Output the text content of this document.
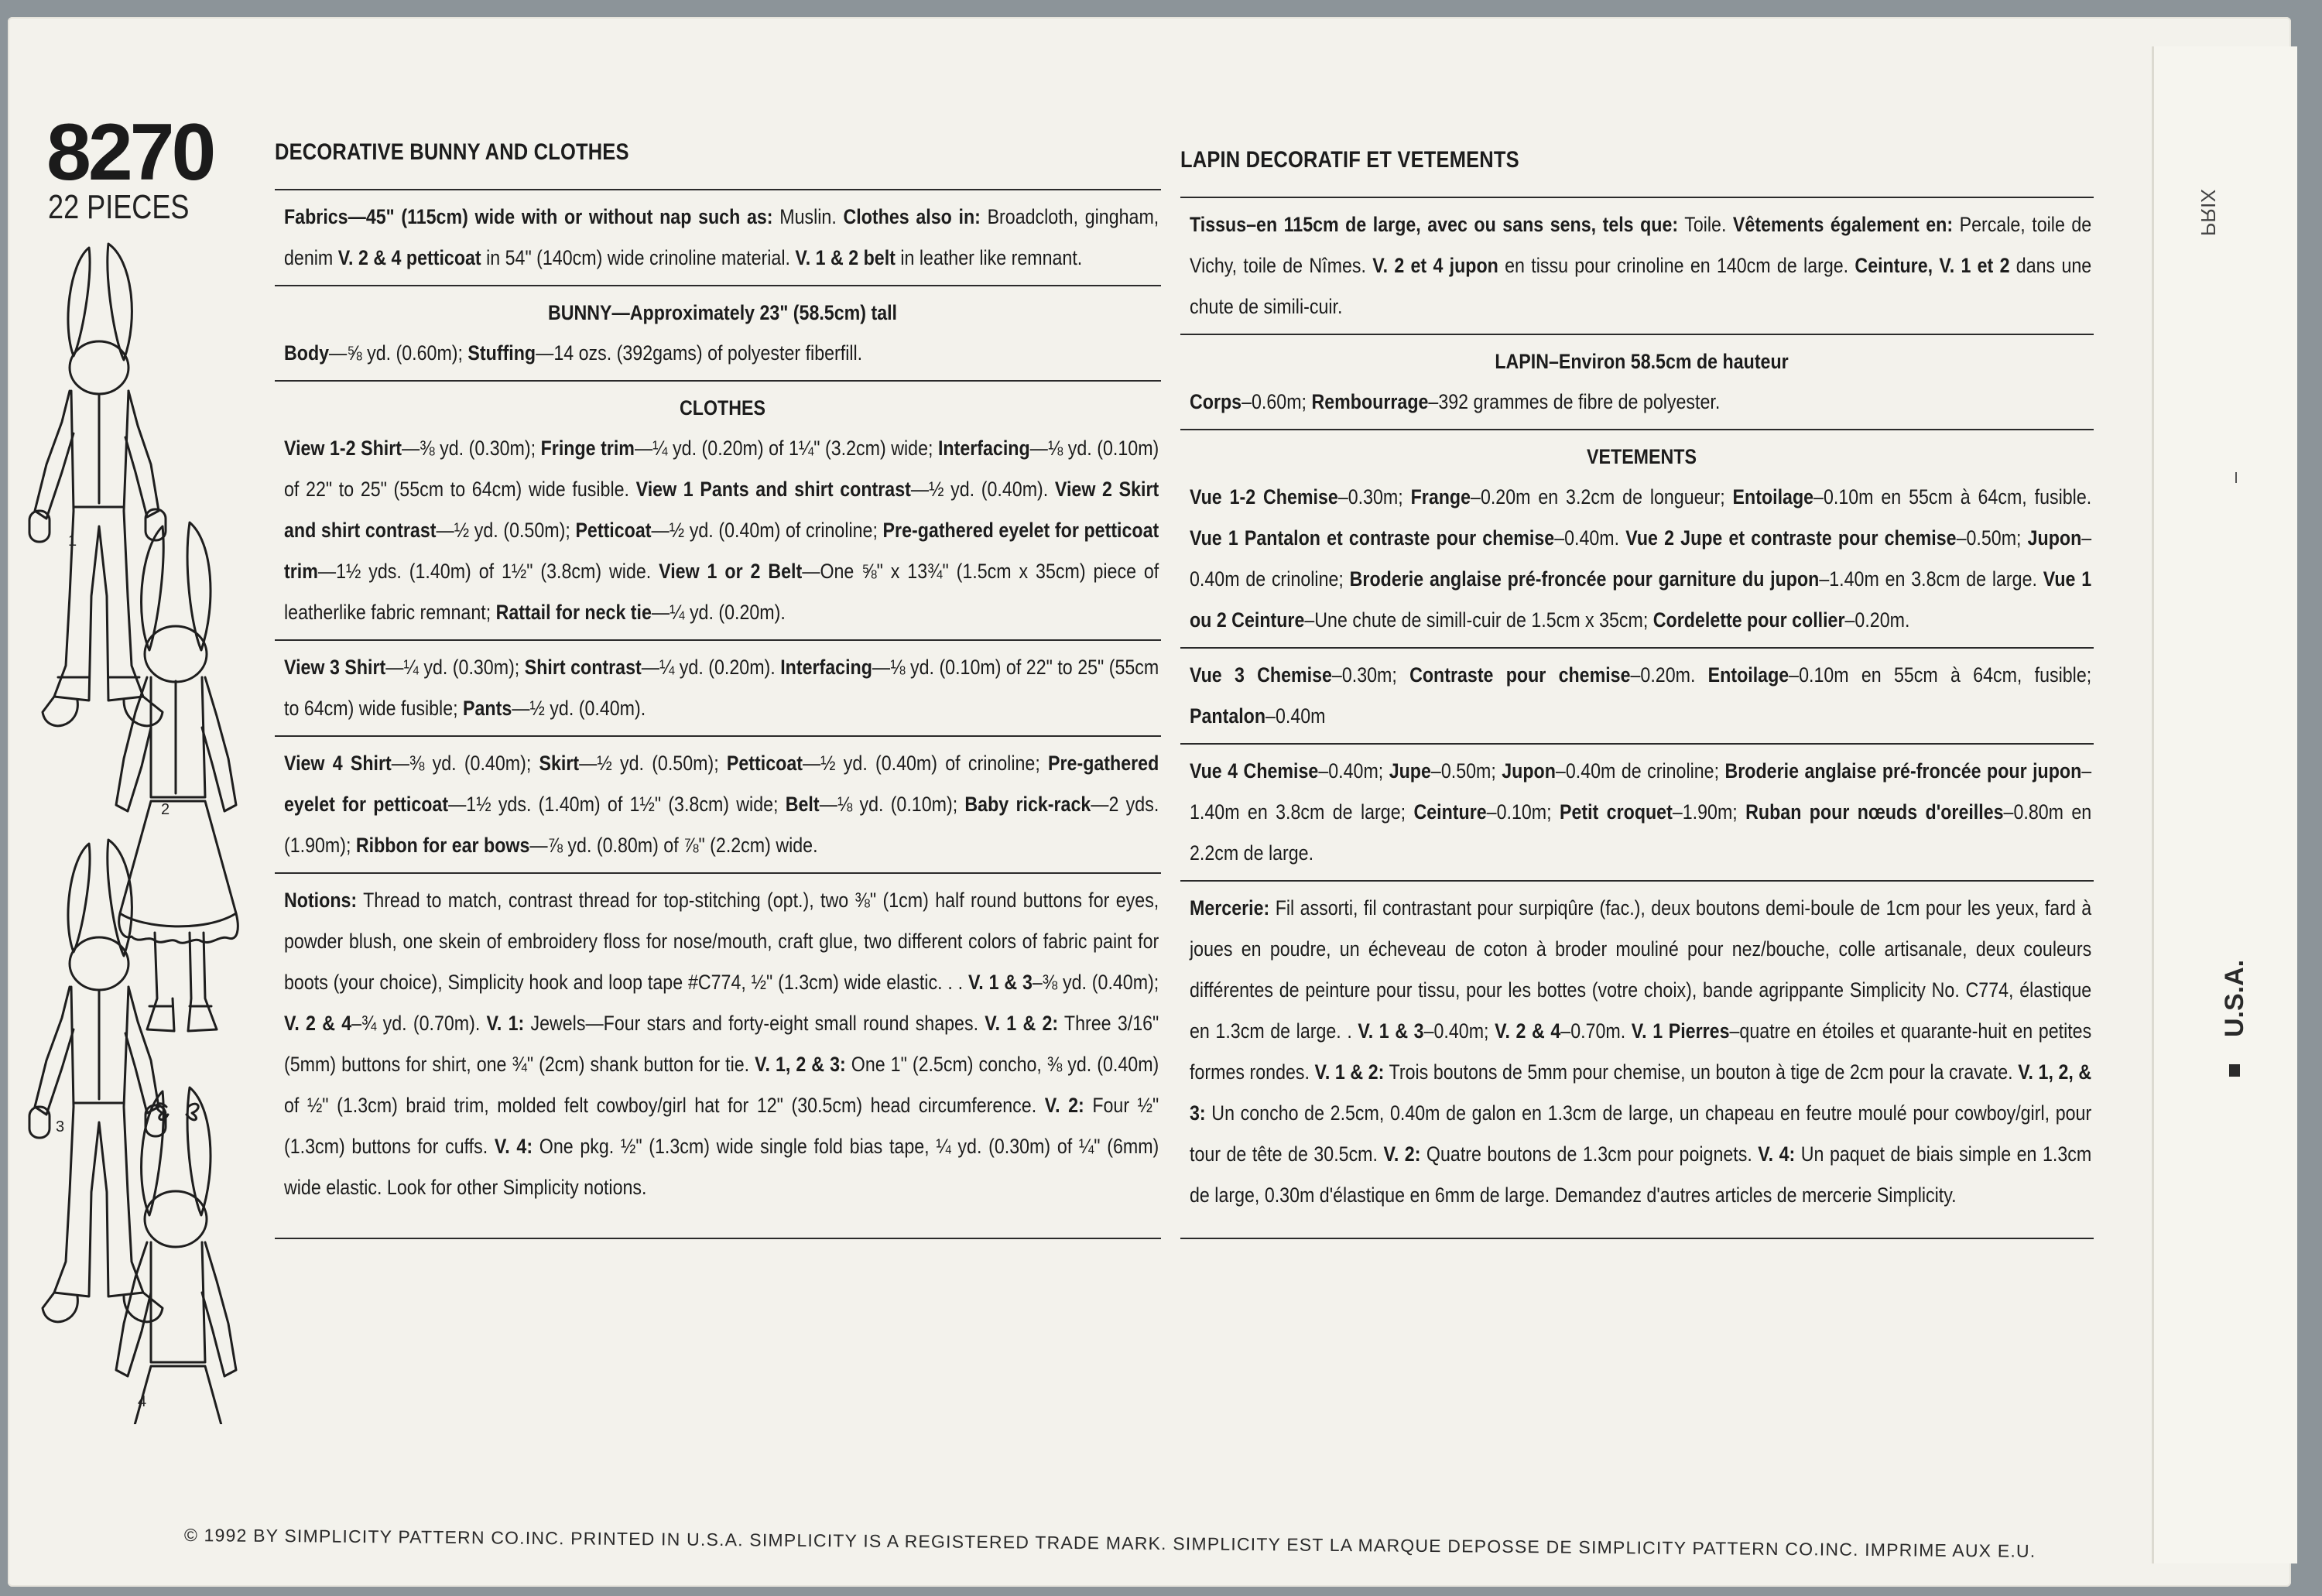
8270
22 PIECES
1
2
3
4
DECORATIVE BUNNY AND CLOTHES

Fabrics—45" (115cm) wide with or without nap such as: Muslin. Clothes also in: Broadcloth, gingham, denim V. 2 & 4 petticoat in 54" (140cm) wide crinoline material. V. 1 & 2 belt in leather like remnant.

BUNNY—Approximately 23" (58.5cm) tall

Body—⅝ yd. (0.60m); Stuffing—14 ozs. (392gams) of polyester fiberfill.

CLOTHES

View 1-2 Shirt—⅜ yd. (0.30m); Fringe trim—¼ yd. (0.20m) of 1¼" (3.2cm) wide; Interfacing—⅛ yd. (0.10m) of 22" to 25" (55cm to 64cm) wide fusible. View 1 Pants and shirt contrast—½ yd. (0.40m). View 2 Skirt and shirt contrast—½ yd. (0.50m); Petticoat—½ yd. (0.40m) of crinoline; Pre-gathered eyelet for petticoat trim—1½ yds. (1.40m) of 1½" (3.8cm) wide. View 1 or 2 Belt—One ⅝" x 13¾" (1.5cm x 35cm) piece of leatherlike fabric remnant; Rattail for neck tie—¼ yd. (0.20m).

View 3 Shirt—¼ yd. (0.30m); Shirt contrast—¼ yd. (0.20m). Interfacing—⅛ yd. (0.10m) of 22" to 25" (55cm to 64cm) wide fusible; Pants—½ yd. (0.40m).

View 4 Shirt—⅜ yd. (0.40m); Skirt—½ yd. (0.50m); Petticoat—½ yd. (0.40m) of crinoline; Pre-gathered eyelet for petticoat—1½ yds. (1.40m) of 1½" (3.8cm) wide; Belt—⅛ yd. (0.10m); Baby rick-rack—2 yds. (1.90m); Ribbon for ear bows—⅞ yd. (0.80m) of ⅞" (2.2cm) wide.

Notions: Thread to match, contrast thread for top-stitching (opt.), two ⅜" (1cm) half round buttons for eyes, powder blush, one skein of embroidery floss for nose/mouth, craft glue, two different colors of fabric paint for boots (your choice), Simplicity hook and loop tape #C774, ½" (1.3cm) wide elastic. . . V. 1 & 3–⅜ yd. (0.40m); V. 2 & 4–¾ yd. (0.70m). V. 1: Jewels—Four stars and forty-eight small round shapes. V. 1 & 2: Three 3/16" (5mm) buttons for shirt, one ¾" (2cm) shank button for tie. V. 1, 2 & 3: One 1" (2.5cm) concho, ⅜ yd. (0.40m) of ½" (1.3cm) braid trim, molded felt cowboy/girl hat for 12" (30.5cm) head circumference. V. 2: Four ½" (1.3cm) buttons for cuffs. V. 4: One pkg. ½" (1.3cm) wide single fold bias tape, ¼ yd. (0.30m) of ¼" (6mm) wide elastic. Look for other Simplicity notions.

LAPIN DECORATIF ET VETEMENTS

Tissus–en 115cm de large, avec ou sans sens, tels que: Toile. Vêtements également en: Percale, toile de Vichy, toile de Nîmes. V. 2 et 4 jupon en tissu pour crinoline en 140cm de large. Ceinture, V. 1 et 2 dans une chute de simili-cuir.

LAPIN–Environ 58.5cm de hauteur

Corps–0.60m; Rembourrage–392 grammes de fibre de polyester.

VETEMENTS

Vue 1-2 Chemise–0.30m; Frange–0.20m en 3.2cm de longueur; Entoilage–0.10m en 55cm à 64cm, fusible. Vue 1 Pantalon et contraste pour chemise–0.40m. Vue 2 Jupe et contraste pour chemise–0.50m; Jupon–0.40m de crinoline; Broderie anglaise pré-froncée pour garniture du jupon–1.40m en 3.8cm de large. Vue 1 ou 2 Ceinture–Une chute de simill-cuir de 1.5cm x 35cm; Cordelette pour collier–0.20m.

Vue 3 Chemise–0.30m; Contraste pour chemise–0.20m. Entoilage–0.10m en 55cm à 64cm, fusible; Pantalon–0.40m

Vue 4 Chemise–0.40m; Jupe–0.50m; Jupon–0.40m de crinoline; Broderie anglaise pré-froncée pour jupon–1.40m en 3.8cm de large; Ceinture–0.10m; Petit croquet–1.90m; Ruban pour nœuds d'oreilles–0.80m en 2.2cm de large.

Mercerie: Fil assorti, fil contrastant pour surpiqûre (fac.), deux boutons demi-boule de 1cm pour les yeux, fard à joues en poudre, un écheveau de coton à broder mouliné pour nez/bouche, colle artisanale, deux couleurs différentes de peinture pour tissu, pour les bottes (votre choix), bande agrippante Simplicity No. C774, élastique en 1.3cm de large. . V. 1 & 3–0.40m; V. 2 & 4–0.70m. V. 1 Pierres–quatre en étoiles et quarante-huit en petites formes rondes. V. 1 & 2: Trois boutons de 5mm pour chemise, un bouton à tige de 2cm pour la cravate. V. 1, 2, & 3: Un concho de 2.5cm, 0.40m de galon en 1.3cm de large, un chapeau en feutre moulé pour cowboy/girl, pour tour de tête de 30.5cm. V. 2: Quatre boutons de 1.3cm pour poignets. V. 4: Un paquet de biais simple en 1.3cm de large, 0.30m d'élastique en 6mm de large. Demandez d'autres articles de mercerie Simplicity.

© 1992 BY SIMPLICITY PATTERN CO.INC. PRINTED IN U.S.A. SIMPLICITY IS A REGISTERED TRADE MARK. SIMPLICITY EST LA MARQUE DEPOSSE DE SIMPLICITY PATTERN CO.INC. IMPRIME AUX E.U.
PRIX
U.S.A.
